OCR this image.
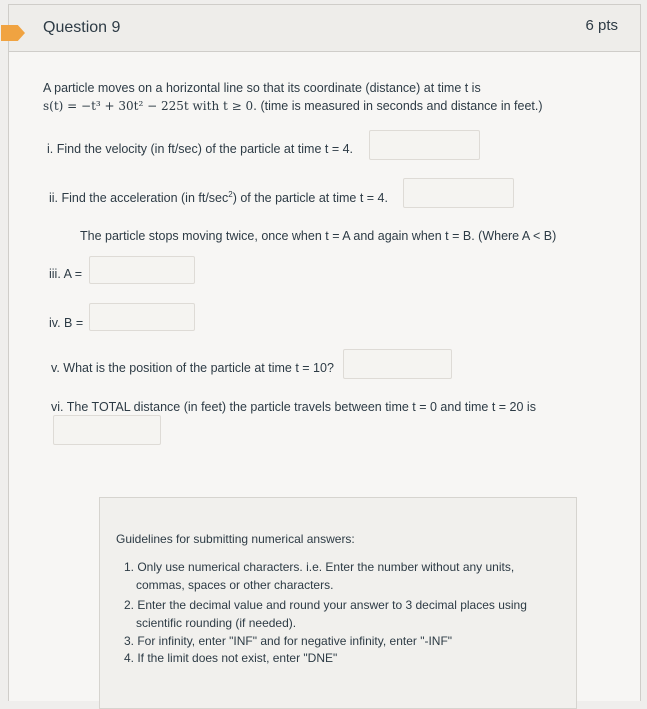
Question 9	6 pts
A particle moves on a horizontal line so that its coordinate (distance) at time t is
s(t) = −t³ + 30t² − 225t with t ≥ 0. (time is measured in seconds and distance in feet.)
i. Find the velocity (in ft/sec) of the particle at time t = 4.
ii. Find the acceleration (in $ft/\sec^2$) of the particle at time t = 4.
The particle stops moving twice, once when t = A and again when t = B. (Where A < B)
iii. A =
iv. B =
v. What is the position of the particle at time t = 10?
vi. The TOTAL distance (in feet) the particle travels between time t = 0 and time t = 20 is
Guidelines for submitting numerical answers:
1. Only use numerical characters. i.e. Enter the number without any units,
commas, spaces or other characters.
2. Enter the decimal value and round your answer to 3 decimal places using
scientific rounding (if needed).
3. For infinity, enter "INF" and for negative infinity, enter "-INF"
4. If the limit does not exist, enter "DNE"
